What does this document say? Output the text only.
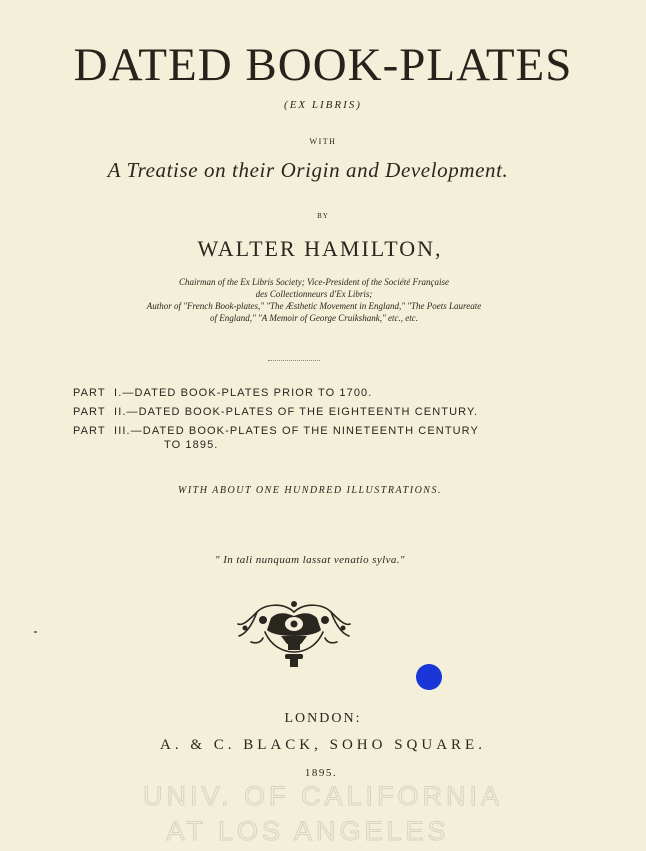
DATED BOOK-PLATES
(EX LIBRIS)
WITH
A Treatise on their Origin and Development.
BY
WALTER HAMILTON,
Chairman of the Ex Libris Society; Vice-President of the Société Française
des Collectionneurs d'Ex Libris;
Author of "French Book-plates," "The Æsthetic Movement in England," "The Poets Laureate
of England," "A Memoir of George Cruikshank," etc., etc.
PART I.—DATED BOOK-PLATES PRIOR TO 1700.
PART II.—DATED BOOK-PLATES OF THE EIGHTEENTH CENTURY.
PART III.—DATED BOOK-PLATES OF THE NINETEENTH CENTURY
TO 1895.
WITH ABOUT ONE HUNDRED ILLUSTRATIONS.
" In tali nunquam lassat venatio sylva."
LONDON:
A. & C. BLACK, SOHO SQUARE.
1895.
UNIV. OF CALIFORNIA
AT LOS ANGELES
